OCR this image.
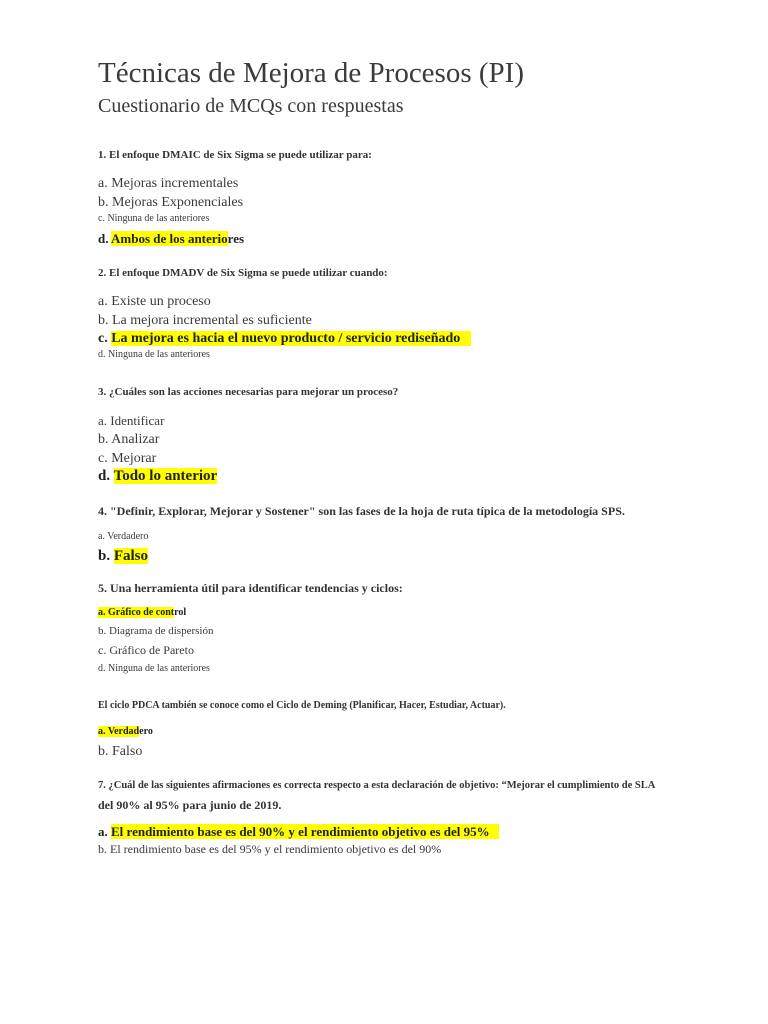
Técnicas de Mejora de Procesos (PI)
Cuestionario de MCQs con respuestas
1. El enfoque DMAIC de Six Sigma se puede utilizar para:
a. Mejoras incrementales
b. Mejoras Exponenciales
c. Ninguna de las anteriores
d. Ambos de los anteriores
2. El enfoque DMADV de Six Sigma se puede utilizar cuando:
a. Existe un proceso
b. La mejora incremental es suficiente
c. La mejora es hacia el nuevo producto / servicio rediseñado
d. Ninguna de las anteriores
3. ¿Cuáles son las acciones necesarias para mejorar un proceso?
a. Identificar
b. Analizar
c. Mejorar
d. Todo lo anterior
4. "Definir, Explorar, Mejorar y Sostener" son las fases de la hoja de ruta típica de la metodología SPS.
a. Verdadero
b. Falso
5. Una herramienta útil para identificar tendencias y ciclos:
a. Gráfico de control
b. Diagrama de dispersión
c. Gráfico de Pareto
d. Ninguna de las anteriores
El ciclo PDCA también se conoce como el Ciclo de Deming (Planificar, Hacer, Estudiar, Actuar).
a. Verdadero
b. Falso
7. ¿Cuál de las siguientes afirmaciones es correcta respecto a esta declaración de objetivo: “Mejorar el cumplimiento de SLA
del 90% al 95% para junio de 2019.
a. El rendimiento base es del 90% y el rendimiento objetivo es del 95%
b. El rendimiento base es del 95% y el rendimiento objetivo es del 90%
